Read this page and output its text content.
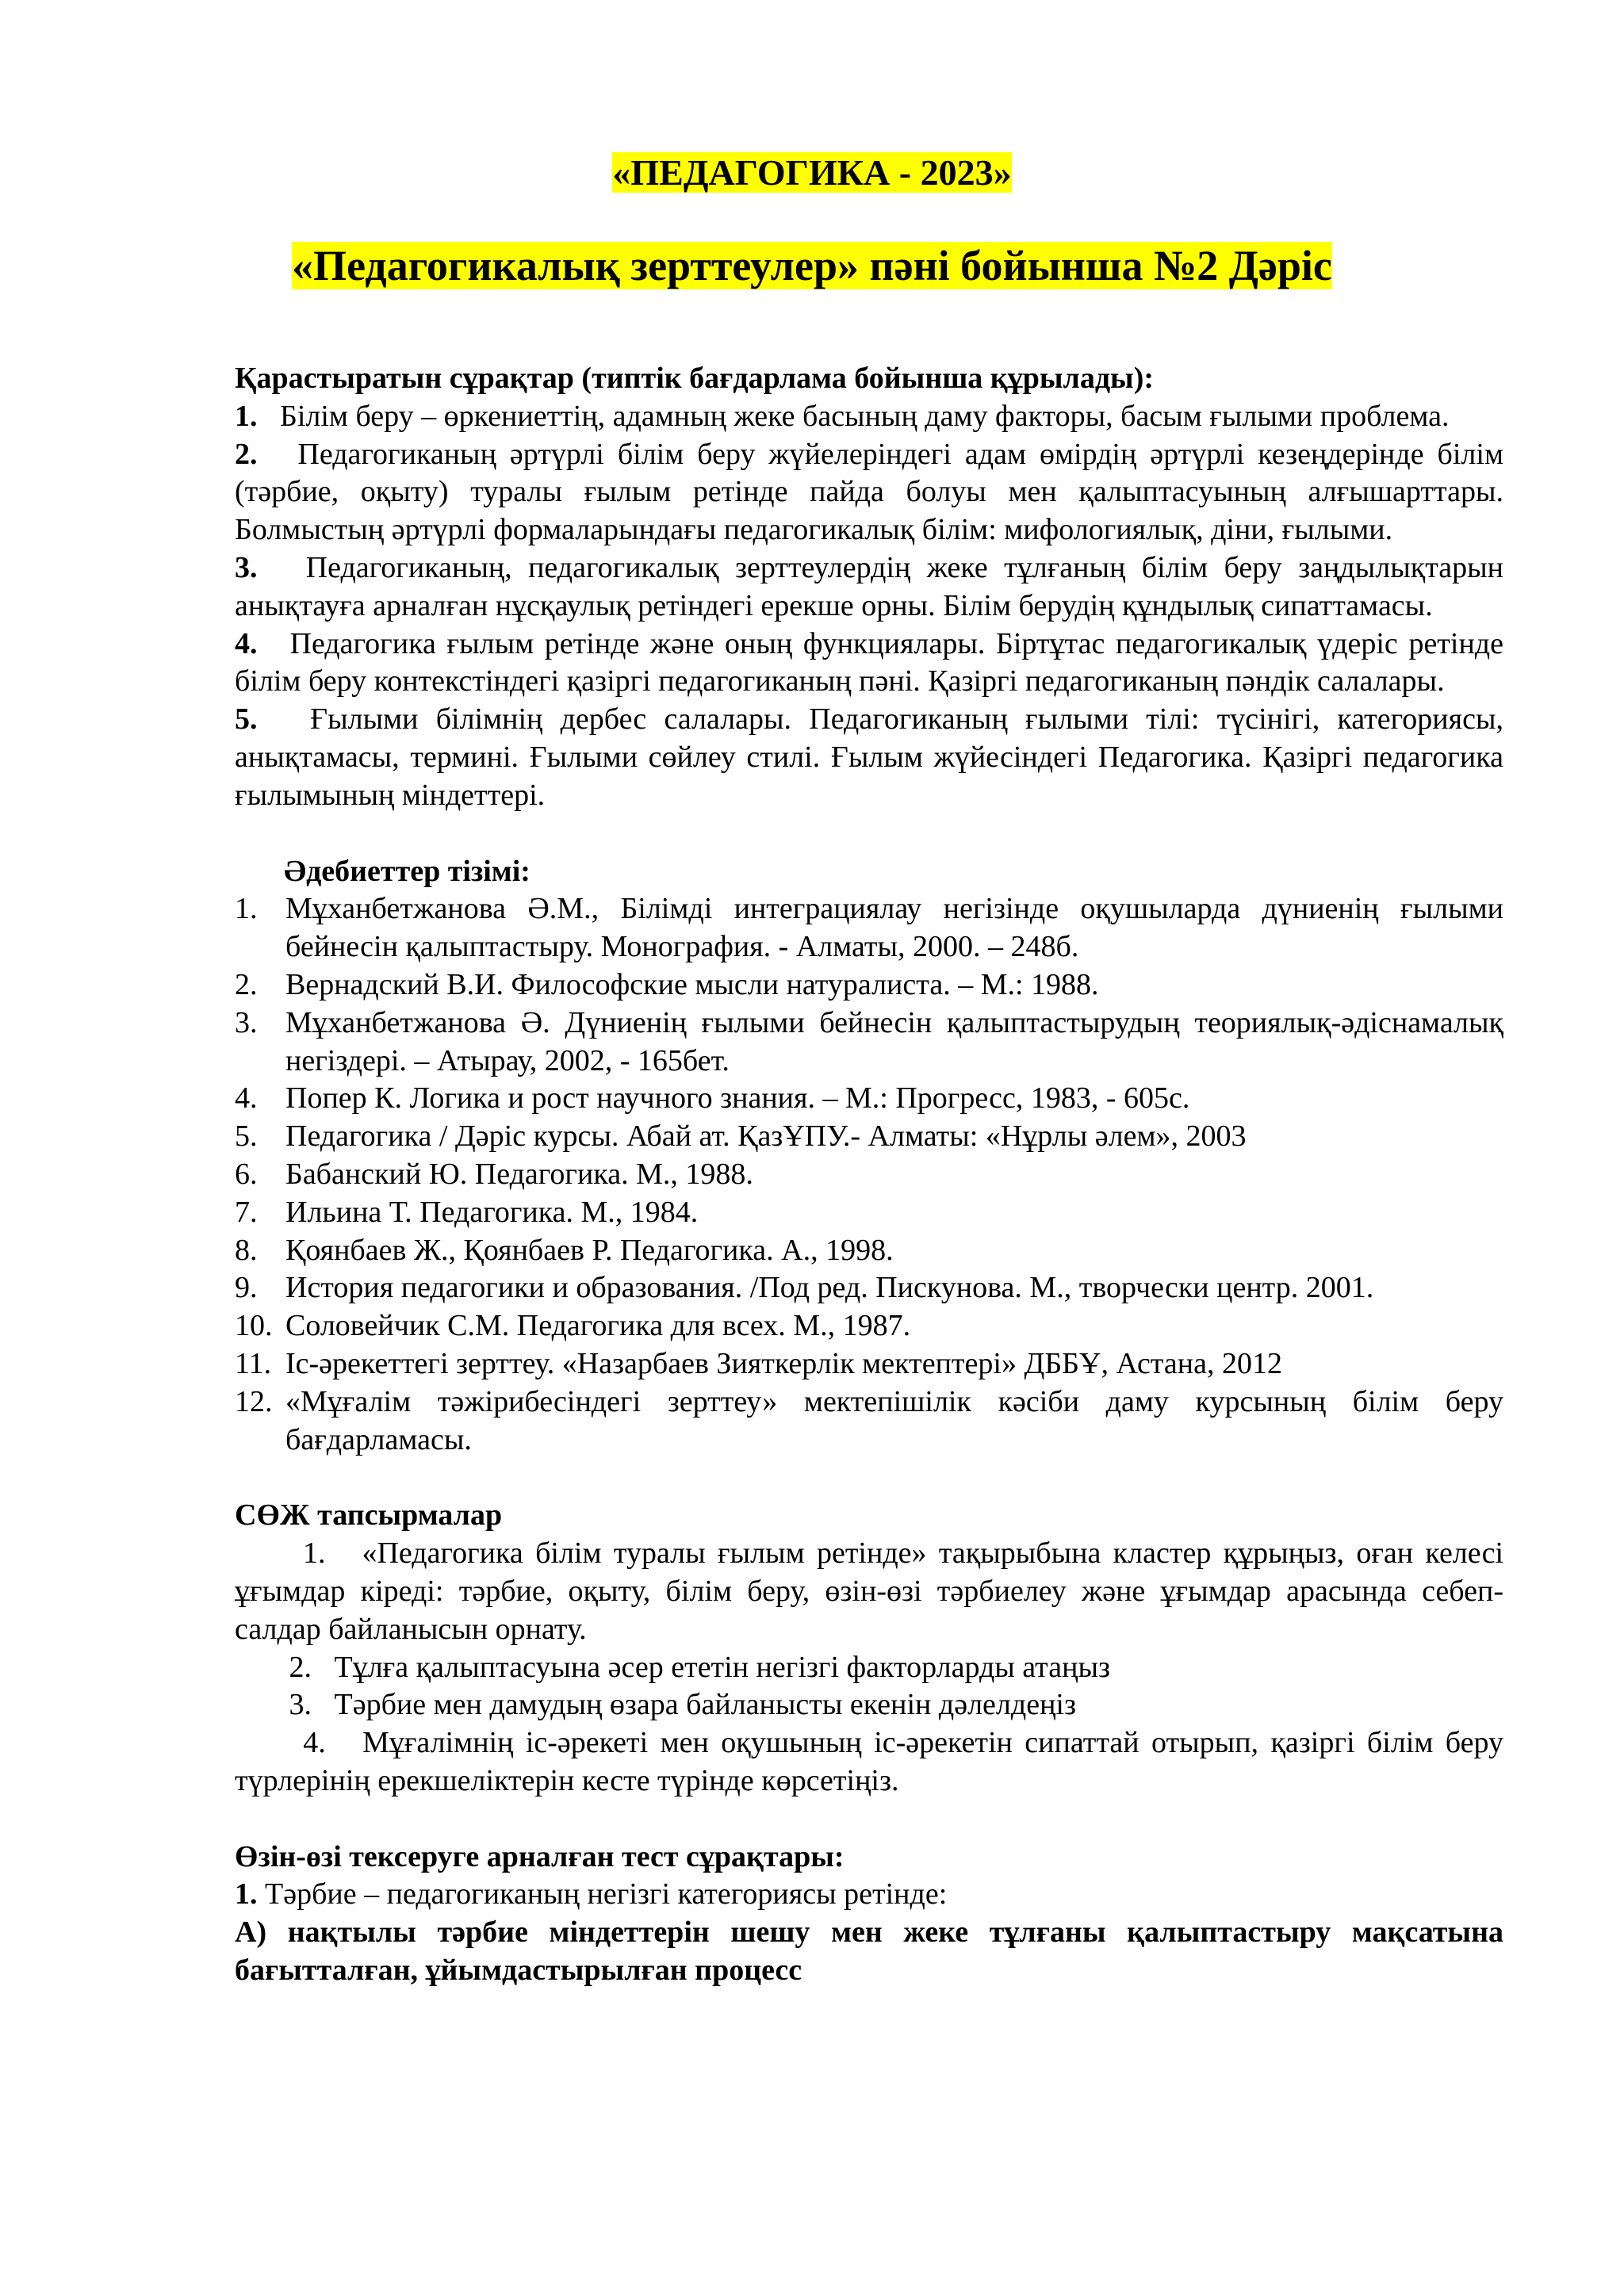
«ПЕДАГОГИКА - 2023»
«Педагогикалық зерттеулер» пәні бойынша №2 Дәріс

Қарастыратын сұрақтар (типтік бағдарлама бойынша құрылады):

1. Білім беру – өркениеттің, адамның жеке басының даму факторы, басым ғылыми проблема.

2. Педагогиканың әртүрлі білім беру жүйелеріндегі адам өмірдің әртүрлі кезеңдерінде білім (тәрбие, оқыту) туралы ғылым ретінде пайда болуы мен қалыптасуының алғышарттары. Болмыстың әртүрлі формаларындағы педагогикалық білім: мифологиялық, діни, ғылыми.

3. Педагогиканың, педагогикалық зерттеулердің жеке тұлғаның білім беру заңдылықтарын анықтауға арналған нұсқаулық ретіндегі ерекше орны. Білім берудің құндылық сипаттамасы.

4. Педагогика ғылым ретінде және оның функциялары. Біртұтас педагогикалық үдеріс ретінде білім беру контекстіндегі қазіргі педагогиканың пәні. Қазіргі педагогиканың пәндік салалары.

5. Ғылыми білімнің дербес салалары. Педагогиканың ғылыми тілі: түсінігі, категориясы, анықтамасы, термині. Ғылыми сөйлеу стилі. Ғылым жүйесіндегі Педагогика. Қазіргі педагогика ғылымының міндеттері.

Әдебиеттер тізімі:

1. Мұханбетжанова Ә.М., Білімді интеграциялау негізінде оқушыларда дүниенің ғылыми бейнесін қалыптастыру. Монография. - Алматы, 2000. – 248б.
2. Вернадский В.И. Философские мысли натуралиста. – М.: 1988.
3. Мұханбетжанова Ә. Дүниенің ғылыми бейнесін қалыптастырудың теориялық-әдіснамалық негіздері. – Атырау, 2002, - 165бет.
4. Попер К. Логика и рост научного знания. – М.: Прогресс, 1983, - 605с.
5. Педагогика / Дәріс курсы. Абай ат. ҚазҰПУ.- Алматы: «Нұрлы әлем», 2003
6. Бабанский Ю. Педагогика. М., 1988.
7. Ильина Т. Педагогика. М., 1984.
8. Қоянбаев Ж., Қоянбаев Р. Педагогика. А., 1998.
9. История педагогики и образования. /Под ред. Пискунова. М., творчески центр. 2001.
10. Соловейчик С.М. Педагогика для всех. М., 1987.
11. Іс-әрекеттегі зерттеу. «Назарбаев Зияткерлік мектептері» ДББҰ, Астана, 2012
12. «Мұғалім тәжірибесіндегі зерттеу» мектепішілік кәсіби даму курсының білім беру бағдарламасы.

СӨЖ тапсырмалар

1. «Педагогика білім туралы ғылым ретінде» тақырыбына кластер құрыңыз, оған келесі ұғымдар кіреді: тәрбие, оқыту, білім беру, өзін-өзі тәрбиелеу және ұғымдар арасында себеп-салдар байланысын орнату.

2. Тұлға қалыптасуына әсер ететін негізгі факторларды атаңыз

3. Тәрбие мен дамудың өзара байланысты екенін дәлелдеңіз

4. Мұғалімнің іс-әрекеті мен оқушының іс-әрекетін сипаттай отырып, қазіргі білім беру түрлерінің ерекшеліктерін кесте түрінде көрсетіңіз.

Өзін-өзі тексеруге арналған тест сұрақтары:

1. Тәрбие – педагогиканың негізгі категориясы ретінде:

А) нақтылы тәрбие міндеттерін шешу мен жеке тұлғаны қалыптастыру мақсатына бағытталған, ұйымдастырылған процесс
